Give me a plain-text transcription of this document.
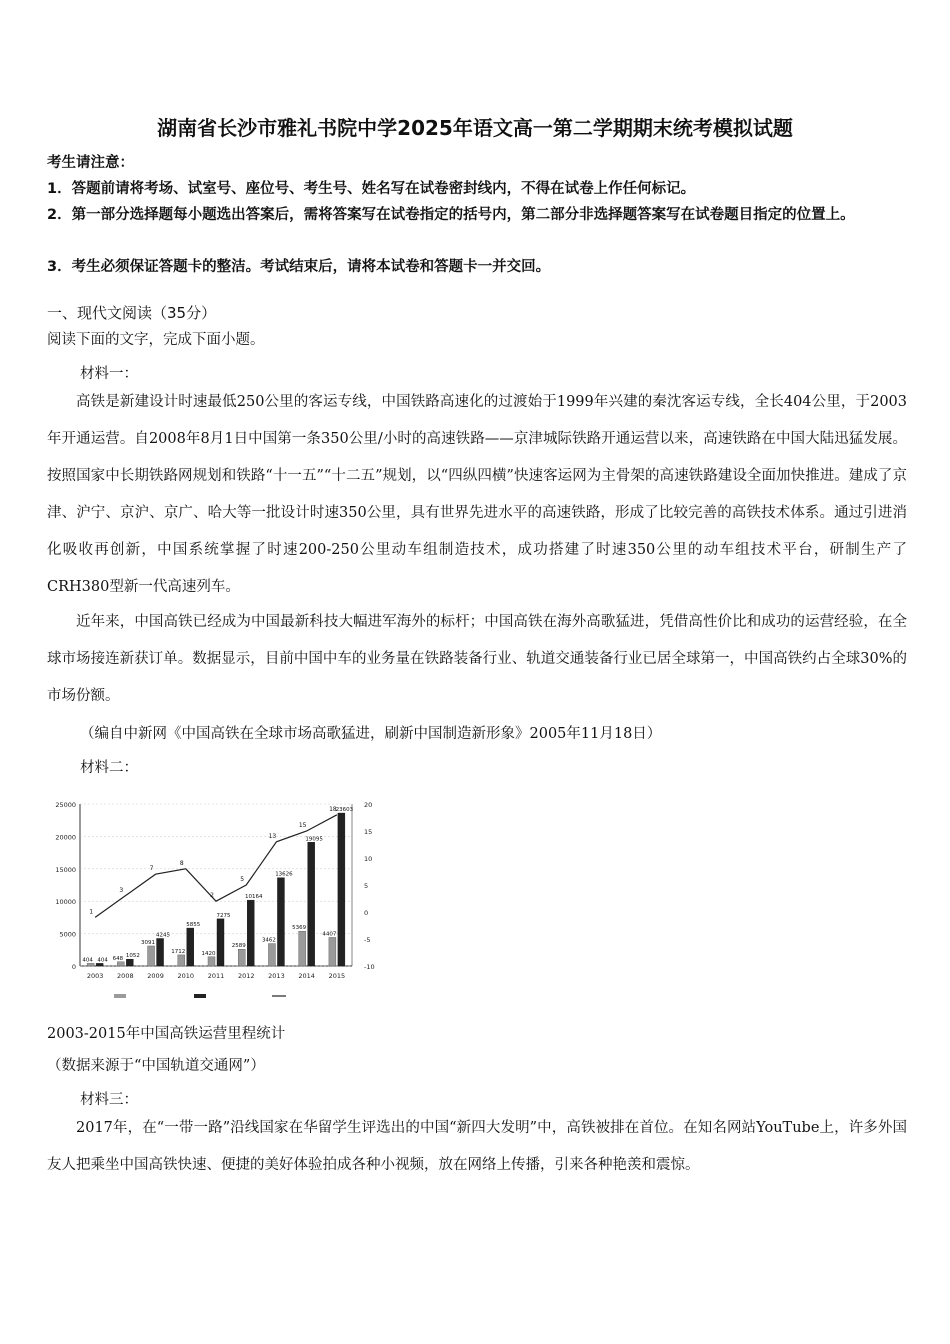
湖南省长沙市雅礼书院中学2025年语文高一第二学期期末统考模拟试题
考生请注意：
1．答题前请将考场、试室号、座位号、考生号、姓名写在试卷密封线内，不得在试卷上作任何标记。
2．第一部分选择题每小题选出答案后，需将答案写在试卷指定的括号内，第二部分非选择题答案写在试卷题目指定的位置上。
3．考生必须保证答题卡的整洁。考试结束后，请将本试卷和答题卡一并交回。
一、现代文阅读（35分）
阅读下面的文字，完成下面小题。
材料一：
高铁是新建设计时速最低250公里的客运专线，中国铁路高速化的过渡始于1999年兴建的秦沈客运专线，全长404公里，于2003年开通运营。自2008年8月1日中国第一条350公里/小时的高速铁路——京津城际铁路开通运营以来，高速铁路在中国大陆迅猛发展。按照国家中长期铁路网规划和铁路“十一五”“十二五”规划，以“四纵四横”快速客运网为主骨架的高速铁路建设全面加快推进。建成了京津、沪宁、京沪、京广、哈大等一批设计时速350公里，具有世界先进水平的高速铁路，形成了比较完善的高铁技术体系。通过引进消化吸收再创新，中国系统掌握了时速200-250公里动车组制造技术，成功搭建了时速350公里的动车组技术平台，研制生产了CRH380型新一代高速列车。
近年来，中国高铁已经成为中国最新科技大幅进军海外的标杆；中国高铁在海外高歌猛进，凭借高性价比和成功的运营经验，在全球市场接连新获订单。数据显示，目前中国中车的业务量在铁路装备行业、轨道交通装备行业已居全球第一，中国高铁约占全球30%的市场份额。
（编自中新网《中国高铁在全球市场高歌猛进，刷新中国制造新形象》2005年11月18日）
材料二：
25000
20000
15000
10000
5000
0
20
15
10
5
0
-5
-10
2003 2008 2009 2010 2011 2012 2013 2014 2015
404	648
3091
1712	1420
2589
3462
5369
4407
404
1052
4245
5855
7275
10164
13626
19095
23603
1
3
7
8
2
5
13
15
18
2003-2015年中国高铁运营里程统计
（数据来源于“中国轨道交通网”）
材料三：
2017年，在“一带一路”沿线国家在华留学生评选出的中国“新四大发明”中，高铁被排在首位。在知名网站YouTube上，许多外国友人把乘坐中国高铁快速、便捷的美好体验拍成各种小视频，放在网络上传播，引来各种艳羡和震惊。
